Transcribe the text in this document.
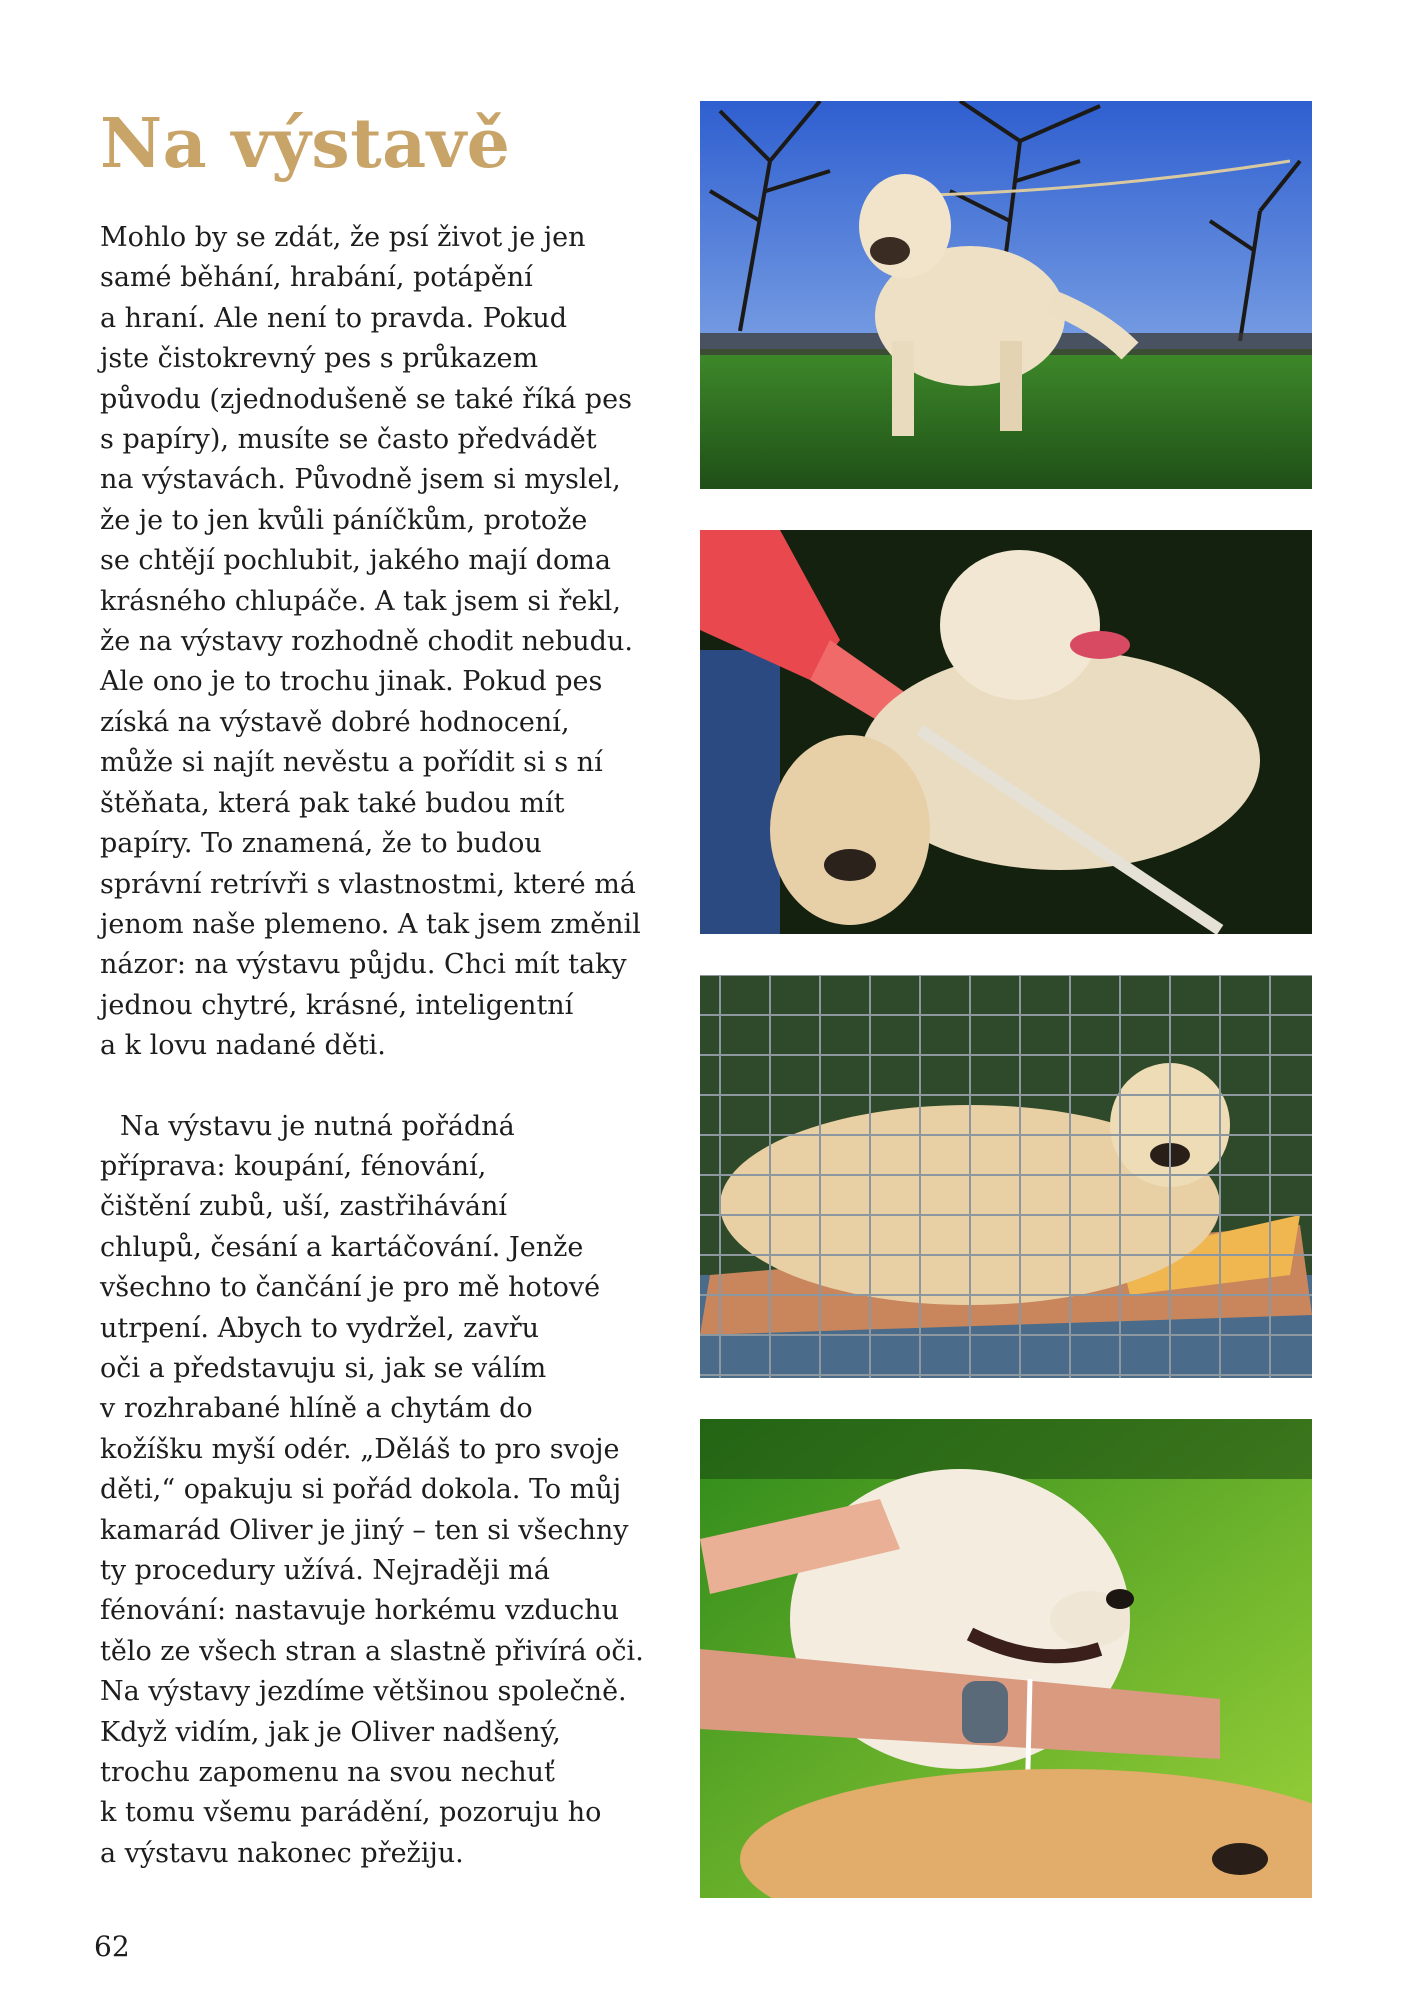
Na výstavě

Mohlo by se zdát, že psí život je jen
samé běhání, hrabání, potápění
a hraní. Ale není to pravda. Pokud
jste čistokrevný pes s průkazem
původu (zjednodušeně se také říká pes
s papíry), musíte se často předvádět
na výstavách. Původně jsem si myslel,
že je to jen kvůli páníčkům, protože
se chtějí pochlubit, jakého mají doma
krásného chlupáče. A tak jsem si řekl,
že na výstavy rozhodně chodit nebudu.
Ale ono je to trochu jinak. Pokud pes
získá na výstavě dobré hodnocení,
může si najít nevěstu a pořídit si s ní
štěňata, která pak také budou mít
papíry. To znamená, že to budou
správní retrívři s vlastnostmi, které má
jenom naše plemeno. A tak jsem změnil
názor: na výstavu půjdu. Chci mít taky
jednou chytré, krásné, inteligentní
a k lovu nadané děti.

Na výstavu je nutná pořádná
příprava: koupání, fénování,
čištění zubů, uší, zastřihávání
chlupů, česání a kartáčování. Jenže
všechno to čančání je pro mě hotové
utrpení. Abych to vydržel, zavřu
oči a představuju si, jak se válím
v rozhrabané hlíně a chytám do
kožíšku myší odér. „Děláš to pro svoje
děti,“ opakuju si pořád dokola. To můj
kamarád Oliver je jiný – ten si všechny
ty procedury užívá. Nejraději má
fénování: nastavuje horkému vzduchu
tělo ze všech stran a slastně přivírá oči.
Na výstavy jezdíme většinou společně.
Když vidím, jak je Oliver nadšený,
trochu zapomenu na svou nechuť
k tomu všemu parádění, pozoruju ho
a výstavu nakonec přežiju.

62
